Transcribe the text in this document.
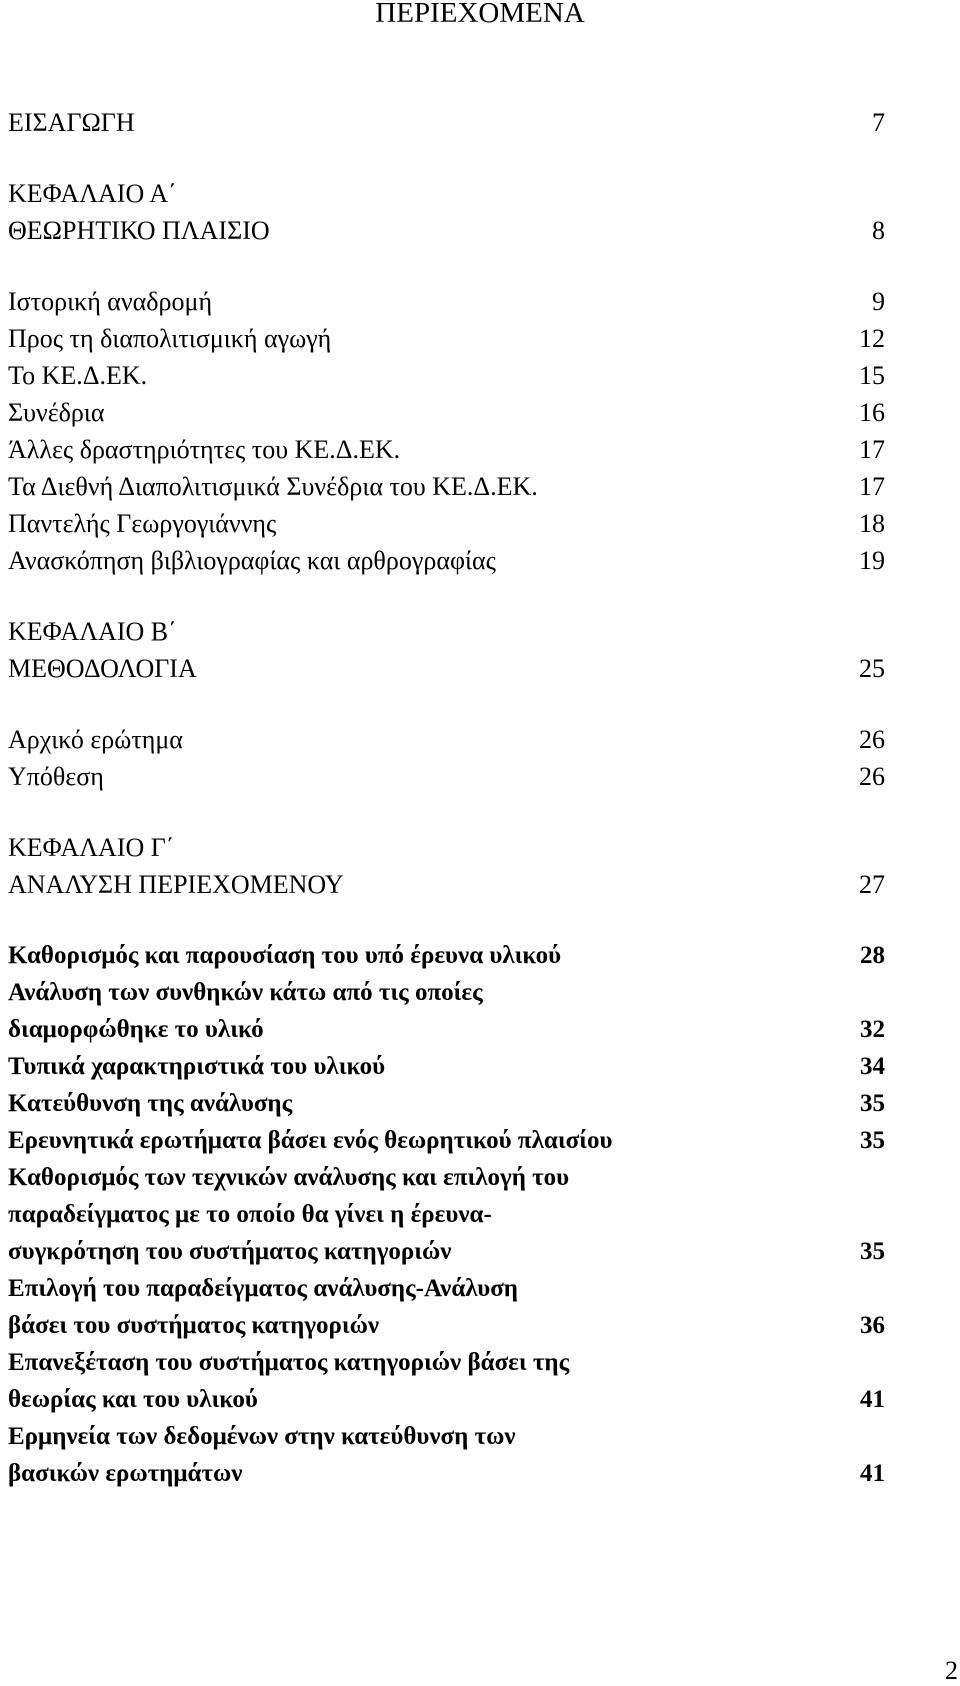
ΠΕΡΙΕΧΟΜΕΝΑ
ΕΙΣΑΓΩΓΗ	7
ΚΕΦΑΛΑΙΟ Α΄
ΘΕΩΡΗΤΙΚΟ ΠΛΑΙΣΙΟ	8
Ιστορική αναδρομή	9
Προς τη διαπολιτισμική αγωγή	12
Το ΚΕ.Δ.ΕΚ.	15
Συνέδρια	16
Άλλες δραστηριότητες του ΚΕ.Δ.ΕΚ.	17
Τα Διεθνή Διαπολιτισμικά Συνέδρια του ΚΕ.Δ.ΕΚ.	17
Παντελής Γεωργογιάννης	18
Ανασκόπηση βιβλιογραφίας και αρθρογραφίας	19
ΚΕΦΑΛΑΙΟ Β΄
ΜΕΘΟΔΟΛΟΓΙΑ	25
Αρχικό ερώτημα	26
Υπόθεση	26
ΚΕΦΑΛΑΙΟ Γ΄
ΑΝΑΛΥΣΗ ΠΕΡΙΕΧΟΜΕΝΟΥ	27
Καθορισμός και παρουσίαση του υπό έρευνα υλικού	28
Ανάλυση των συνθηκών κάτω από τις οποίες
διαμορφώθηκε το υλικό	32
Τυπικά χαρακτηριστικά του υλικού	34
Κατεύθυνση της ανάλυσης	35
Ερευνητικά ερωτήματα βάσει ενός θεωρητικού πλαισίου	35
Καθορισμός των τεχνικών ανάλυσης και επιλογή του
παραδείγματος με το οποίο θα γίνει η έρευνα-
συγκρότηση του συστήματος κατηγοριών	35
Επιλογή του παραδείγματος ανάλυσης-Ανάλυση
βάσει του συστήματος κατηγοριών	36
Επανεξέταση του συστήματος κατηγοριών βάσει της
θεωρίας και του υλικού	41
Ερμηνεία των δεδομένων στην κατεύθυνση των
βασικών ερωτημάτων	41
2
